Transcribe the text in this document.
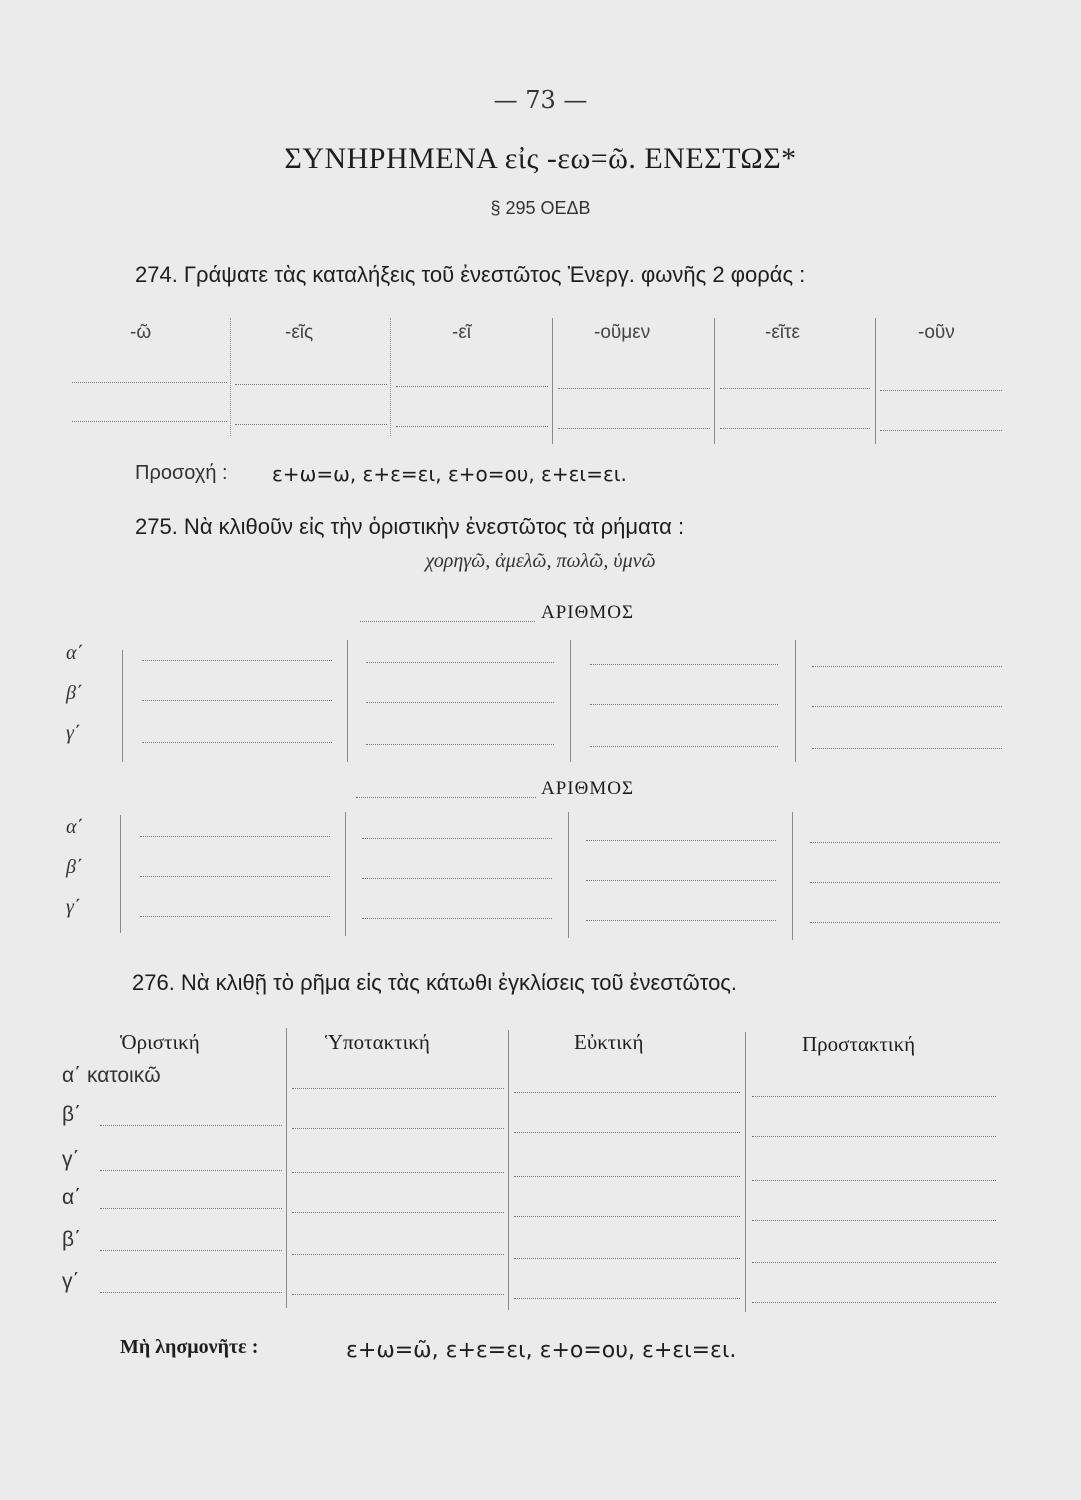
— 73 —
ΣΥΝΗΡΗΜΕΝΑ εἰς -εω=ῶ. ΕΝΕΣΤΩΣ*
§ 295 ΟΕΔΒ
274. Γράψατε τὰς καταλήξεις τοῦ ἐνεστῶτος Ἐνεργ. φωνῆς 2 φοράς :
-ῶ	-εῖς	-εῖ	-οῦμεν	-εῖτε	-οῦν
Προσοχή : ε+ω=ω, ε+ε=ει, ε+ο=ου, ε+ει=ει.
275. Νὰ κλιθοῦν εἰς τὴν ὁριστικὴν ἐνεστῶτος τὰ ρήματα :
χορηγῶ, ἀμελῶ, πωλῶ, ὑμνῶ
ΑΡΙΘΜΟΣ
α΄
β΄
γ΄
ΑΡΙΘΜΟΣ
α΄
β΄
γ΄
276. Νὰ κλιθῇ τὸ ρῆμα εἰς τὰς κάτωθι ἐγκλίσεις τοῦ ἐνεστῶτος.
Ὁριστική	Ὑποτακτική	Εὐκτική	Προστακτική
α΄ κατοικῶ
β΄
γ΄
α΄
β΄
γ΄
Μὴ λησμονῆτε :	ε+ω=ῶ, ε+ε=ει, ε+ο=ου, ε+ει=ει.
